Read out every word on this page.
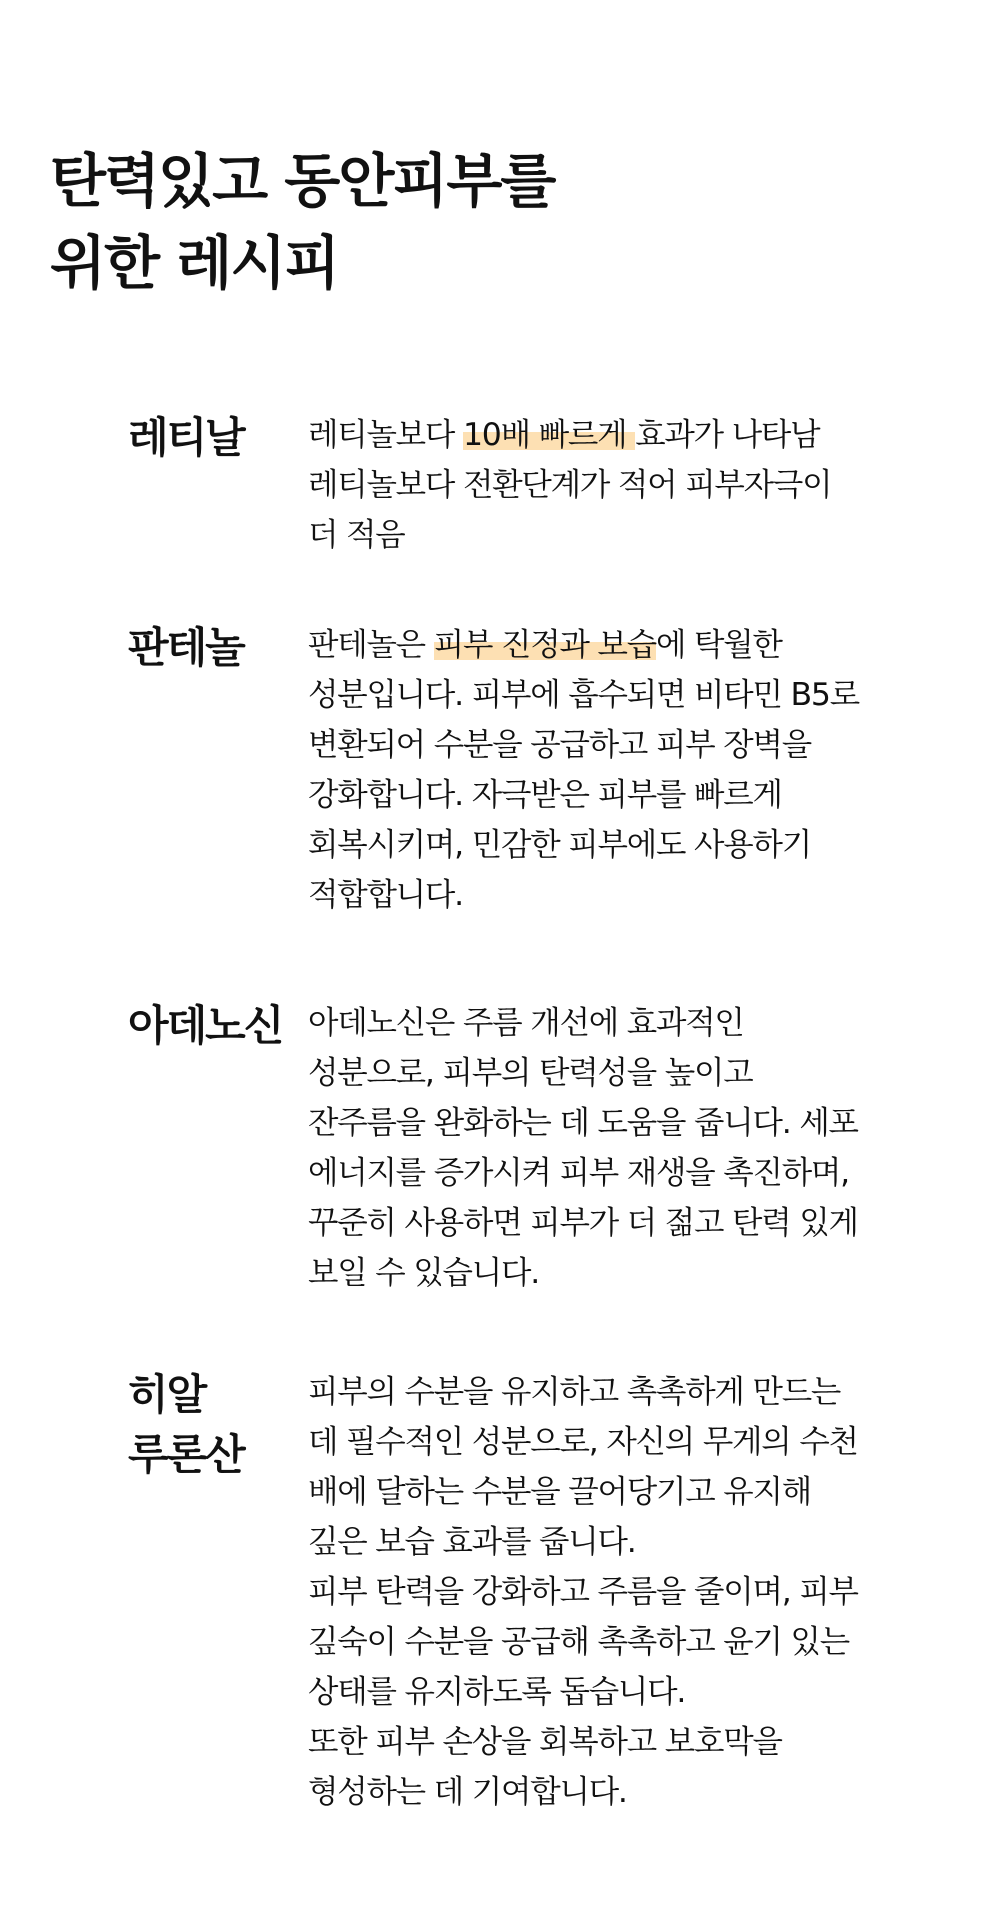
탄력있고 동안피부를
위한 레시피
레티날	레티놀보다 10배 빠르게 효과가 나타남
레티놀보다 전환단계가 적어 피부자극이
더 적음
판테놀	판테놀은 피부 진정과 보습에 탁월한
성분입니다. 피부에 흡수되면 비타민 B5로
변환되어 수분을 공급하고 피부 장벽을
강화합니다. 자극받은 피부를 빠르게
회복시키며, 민감한 피부에도 사용하기
적합합니다.
아데노신 아데노신은 주름 개선에 효과적인
성분으로, 피부의 탄력성을 높이고
잔주름을 완화하는 데 도움을 줍니다. 세포
에너지를 증가시켜 피부 재생을 촉진하며,
꾸준히 사용하면 피부가 더 젊고 탄력 있게
보일 수 있습니다.
히알
루론산
피부의 수분을 유지하고 촉촉하게 만드는
데 필수적인 성분으로, 자신의 무게의 수천
배에 달하는 수분을 끌어당기고 유지해
깊은 보습 효과를 줍니다.
피부 탄력을 강화하고 주름을 줄이며, 피부
깊숙이 수분을 공급해 촉촉하고 윤기 있는
상태를 유지하도록 돕습니다.
또한 피부 손상을 회복하고 보호막을
형성하는 데 기여합니다.
